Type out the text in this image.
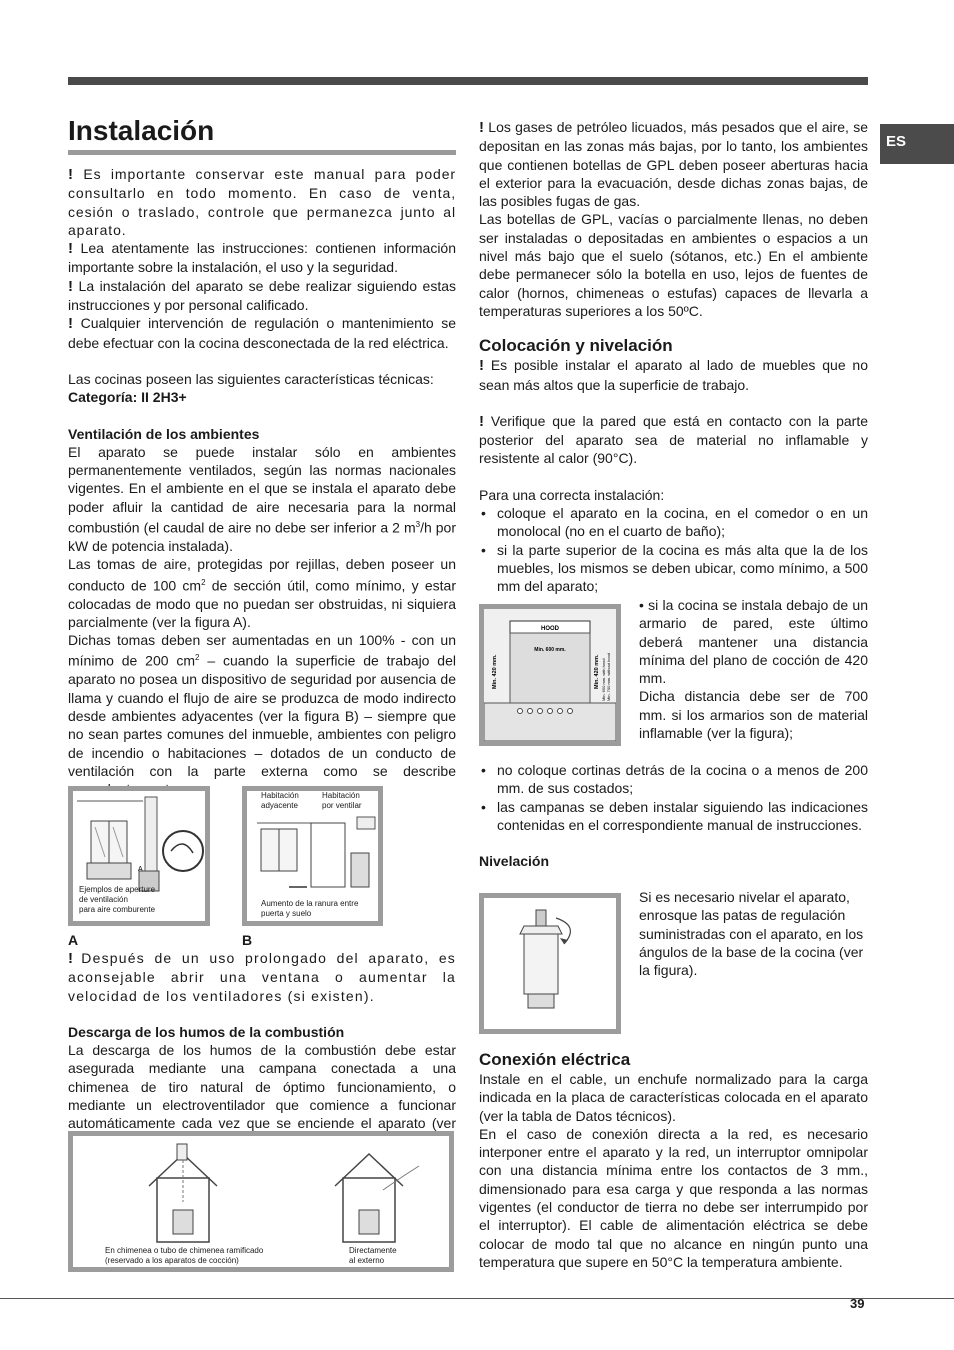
ES
Instalación

! Es importante conservar este manual para poder consultarlo en todo momento. En caso de venta, cesión o traslado, controle que permanezca junto al aparato.

! Lea atentamente las instrucciones: contienen información importante sobre la instalación, el uso y la seguridad.

! La instalación del aparato se debe realizar siguiendo estas instrucciones y por personal calificado.

! Cualquier intervención de regulación o mantenimiento se debe efectuar con la cocina desconectada de la red eléctrica.

Las cocinas poseen las siguientes características técnicas:

Categoría: II 2H3+

Ventilación de los ambientes

El aparato se puede instalar sólo en ambientes permanentemente ventilados, según las normas nacionales vigentes. En el ambiente en el que se instala el aparato debe poder afluir la cantidad de aire necesaria para la normal combustión (el caudal de aire no debe ser inferior a 2 $m^3/h$ por kW de potencia instalada).

Las tomas de aire, protegidas por rejillas, deben poseer un conducto de 100 $cm^2$ de sección útil, como mínimo, y estar colocadas de modo que no puedan ser obstruidas, ni siquiera parcialmente (ver la figura A).

Dichas tomas deben ser aumentadas en un 100% - con un mínimo de 200 $cm^2$ – cuando la superficie de trabajo del aparato no posea un dispositivo de seguridad por ausencia de llama y cuando el flujo de aire se produzca de modo indirecto desde ambientes adyacentes (ver la figura B) – siempre que no sean partes comunes del inmueble, ambientes con peligro de incendio o habitaciones – dotados de un conducto de ventilación con la parte externa como se describe

A
Ejemplos de aperture
de ventilación
para aire comburente
Habitación
adyacente
Habitación
por ventilar
Aumento de la ranura entre
puerta y suelo
A	B

! Después de un uso prolongado del aparato, es aconsejable abrir una ventana o aumentar la velocidad de los ventiladores (si existen).

Descarga de los humos de la combustión

La descarga de los humos de la combustión debe estar asegurada mediante una campana conectada a una chimenea de tiro natural de óptimo funcionamiento, o mediante un electroventilador que comience a funcionar automáticamente cada vez que se enciende el aparato (ver

En chimenea o tubo de chimenea ramificado
(reservado a los aparatos de cocción)
Directamente
al externo

! Los gases de petróleo licuados, más pesados que el aire, se depositan en las zonas más bajas, por lo tanto, los ambientes que contienen botellas de GPL deben poseer aberturas hacia el exterior para la evacuación, desde dichas zonas bajas, de las posibles fugas de gas.

Las botellas de GPL, vacías o parcialmente llenas, no deben ser instaladas o depositadas en ambientes o espacios a un nivel más bajo que el suelo (sótanos, etc.) En el ambiente debe permanecer sólo la botella en uso, lejos de fuentes de calor (hornos, chimeneas o estufas) capaces de llevarla a temperaturas superiores a los 50ºC.

Colocación y nivelación

! Es posible instalar el aparato al lado de muebles que no sean más altos que la superficie de trabajo.

! Verifique que la pared que está en contacto con la parte posterior del aparato sea de material no inflamable y resistente al calor (90°C).

Para una correcta instalación:

• coloque el aparato en la cocina, en el comedor o en un monolocal (no en el cuarto de baño);
• si la parte superior de la cocina es más alta que la de los muebles, los mismos se deben ubicar, como mínimo, a 500 mm del aparato;
HOOD
Min. 600 mm.
Min. 420 mm.	Min. 420 mm. Min. 650 mm. with hood Min. 700 mm. without hood

• si la cocina se instala debajo de un armario de pared, este último deberá mantener una distancia mínima del plano de cocción de 420 mm.

Dicha distancia debe ser de 700 mm. si los armarios son de material inflamable (ver la figura);

• no coloque cortinas detrás de la cocina o a menos de 200 mm. de sus costados;
• las campanas se deben instalar siguiendo las indicaciones contenidas en el correspondiente manual de instrucciones.

Nivelación

Si es necesario nivelar el aparato, enrosque las patas de regulación suministradas con el aparato, en los ángulos de la base de la cocina (ver la figura).

Conexión eléctrica

Instale en el cable, un enchufe normalizado para la carga indicada en la placa de características colocada en el aparato (ver la tabla de Datos técnicos).

En el caso de conexión directa a la red, es necesario interponer entre el aparato y la red, un interruptor omnipolar con una distancia mínima entre los contactos de 3 mm., dimensionado para esa carga y que responda a las normas vigentes (el conductor de tierra no debe ser interrumpido por el interruptor). El cable de alimentación eléctrica se debe colocar de modo tal que no alcance en ningún punto una temperatura que supere en 50°C la temperatura ambiente.

39
